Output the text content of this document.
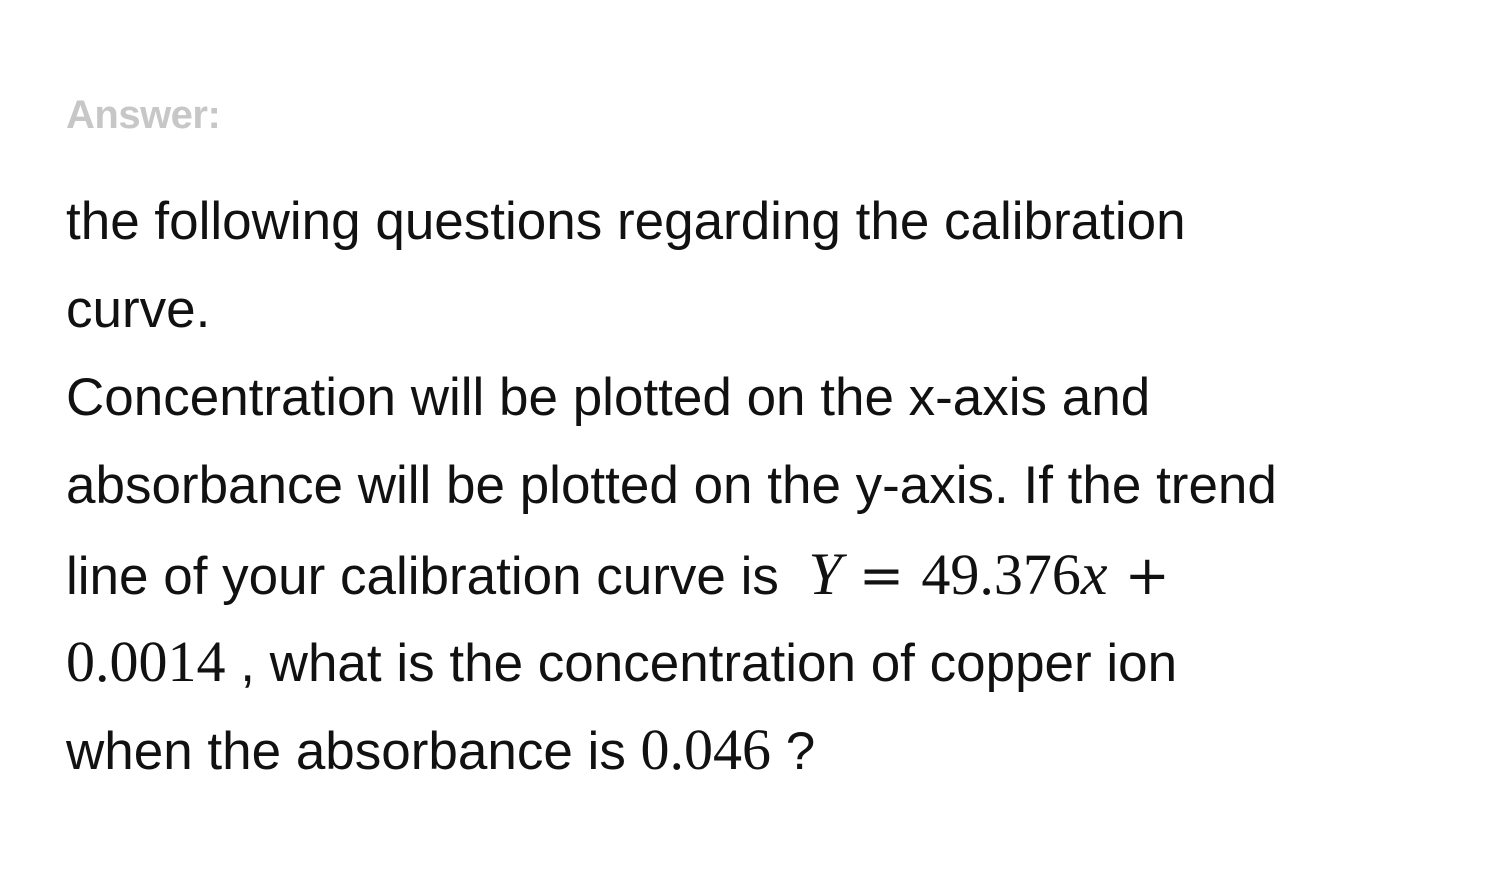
Answer:
the following questions regarding the calibration
curve.
Concentration will be plotted on the x-axis and
absorbance will be plotted on the y-axis. If the trend
line of your calibration curve is Y = 49.376x +
0.0014 , what is the concentration of copper ion
when the absorbance is 0.046 ?
